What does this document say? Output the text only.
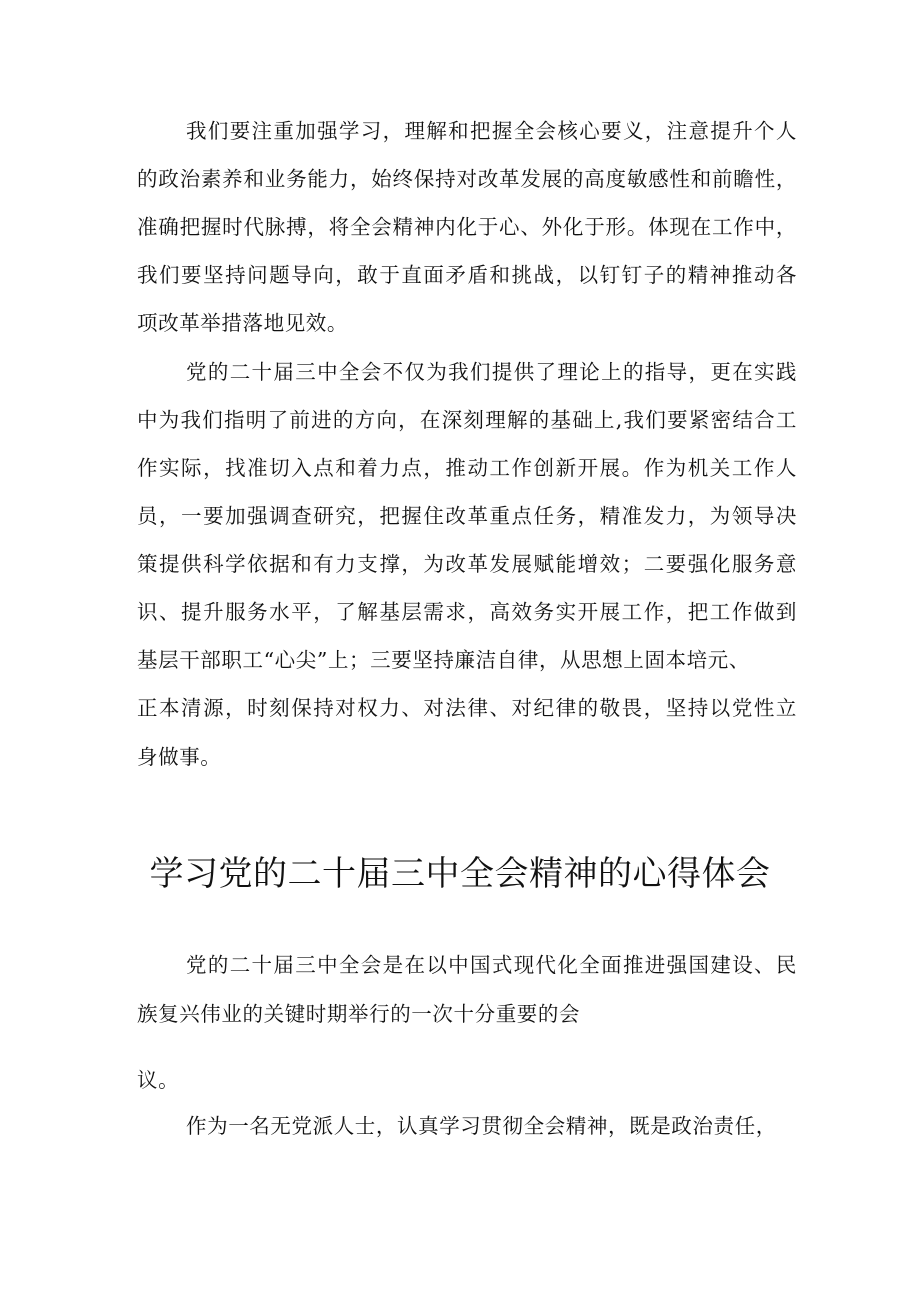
我们要注重加强学习，理解和把握全会核心要义，注意提升个人
的政治素养和业务能力，始终保持对改革发展的高度敏感性和前瞻性，
准确把握时代脉搏，将全会精神内化于心、外化于形。体现在工作中，
我们要坚持问题导向，敢于直面矛盾和挑战，以钉钉子的精神推动各
项改革举措落地见效。
党的二十届三中全会不仅为我们提供了理论上的指导，更在实践
中为我们指明了前进的方向，在深刻理解的基础上,我们要紧密结合工
作实际，找准切入点和着力点，推动工作创新开展。作为机关工作人
员，一要加强调查研究，把握住改革重点任务，精准发力，为领导决
策提供科学依据和有力支撑，为改革发展赋能增效；二要强化服务意
识、提升服务水平，了解基层需求，高效务实开展工作，把工作做到
基层干部职工“心尖”上；三要坚持廉洁自律，从思想上固本培元、
正本清源，时刻保持对权力、对法律、对纪律的敬畏，坚持以党性立
身做事。
学习党的二十届三中全会精神的心得体会
党的二十届三中全会是在以中国式现代化全面推进强国建设、民
族复兴伟业的关键时期举行的一次十分重要的会
议。
作为一名无党派人士，认真学习贯彻全会精神，既是政治责任，
